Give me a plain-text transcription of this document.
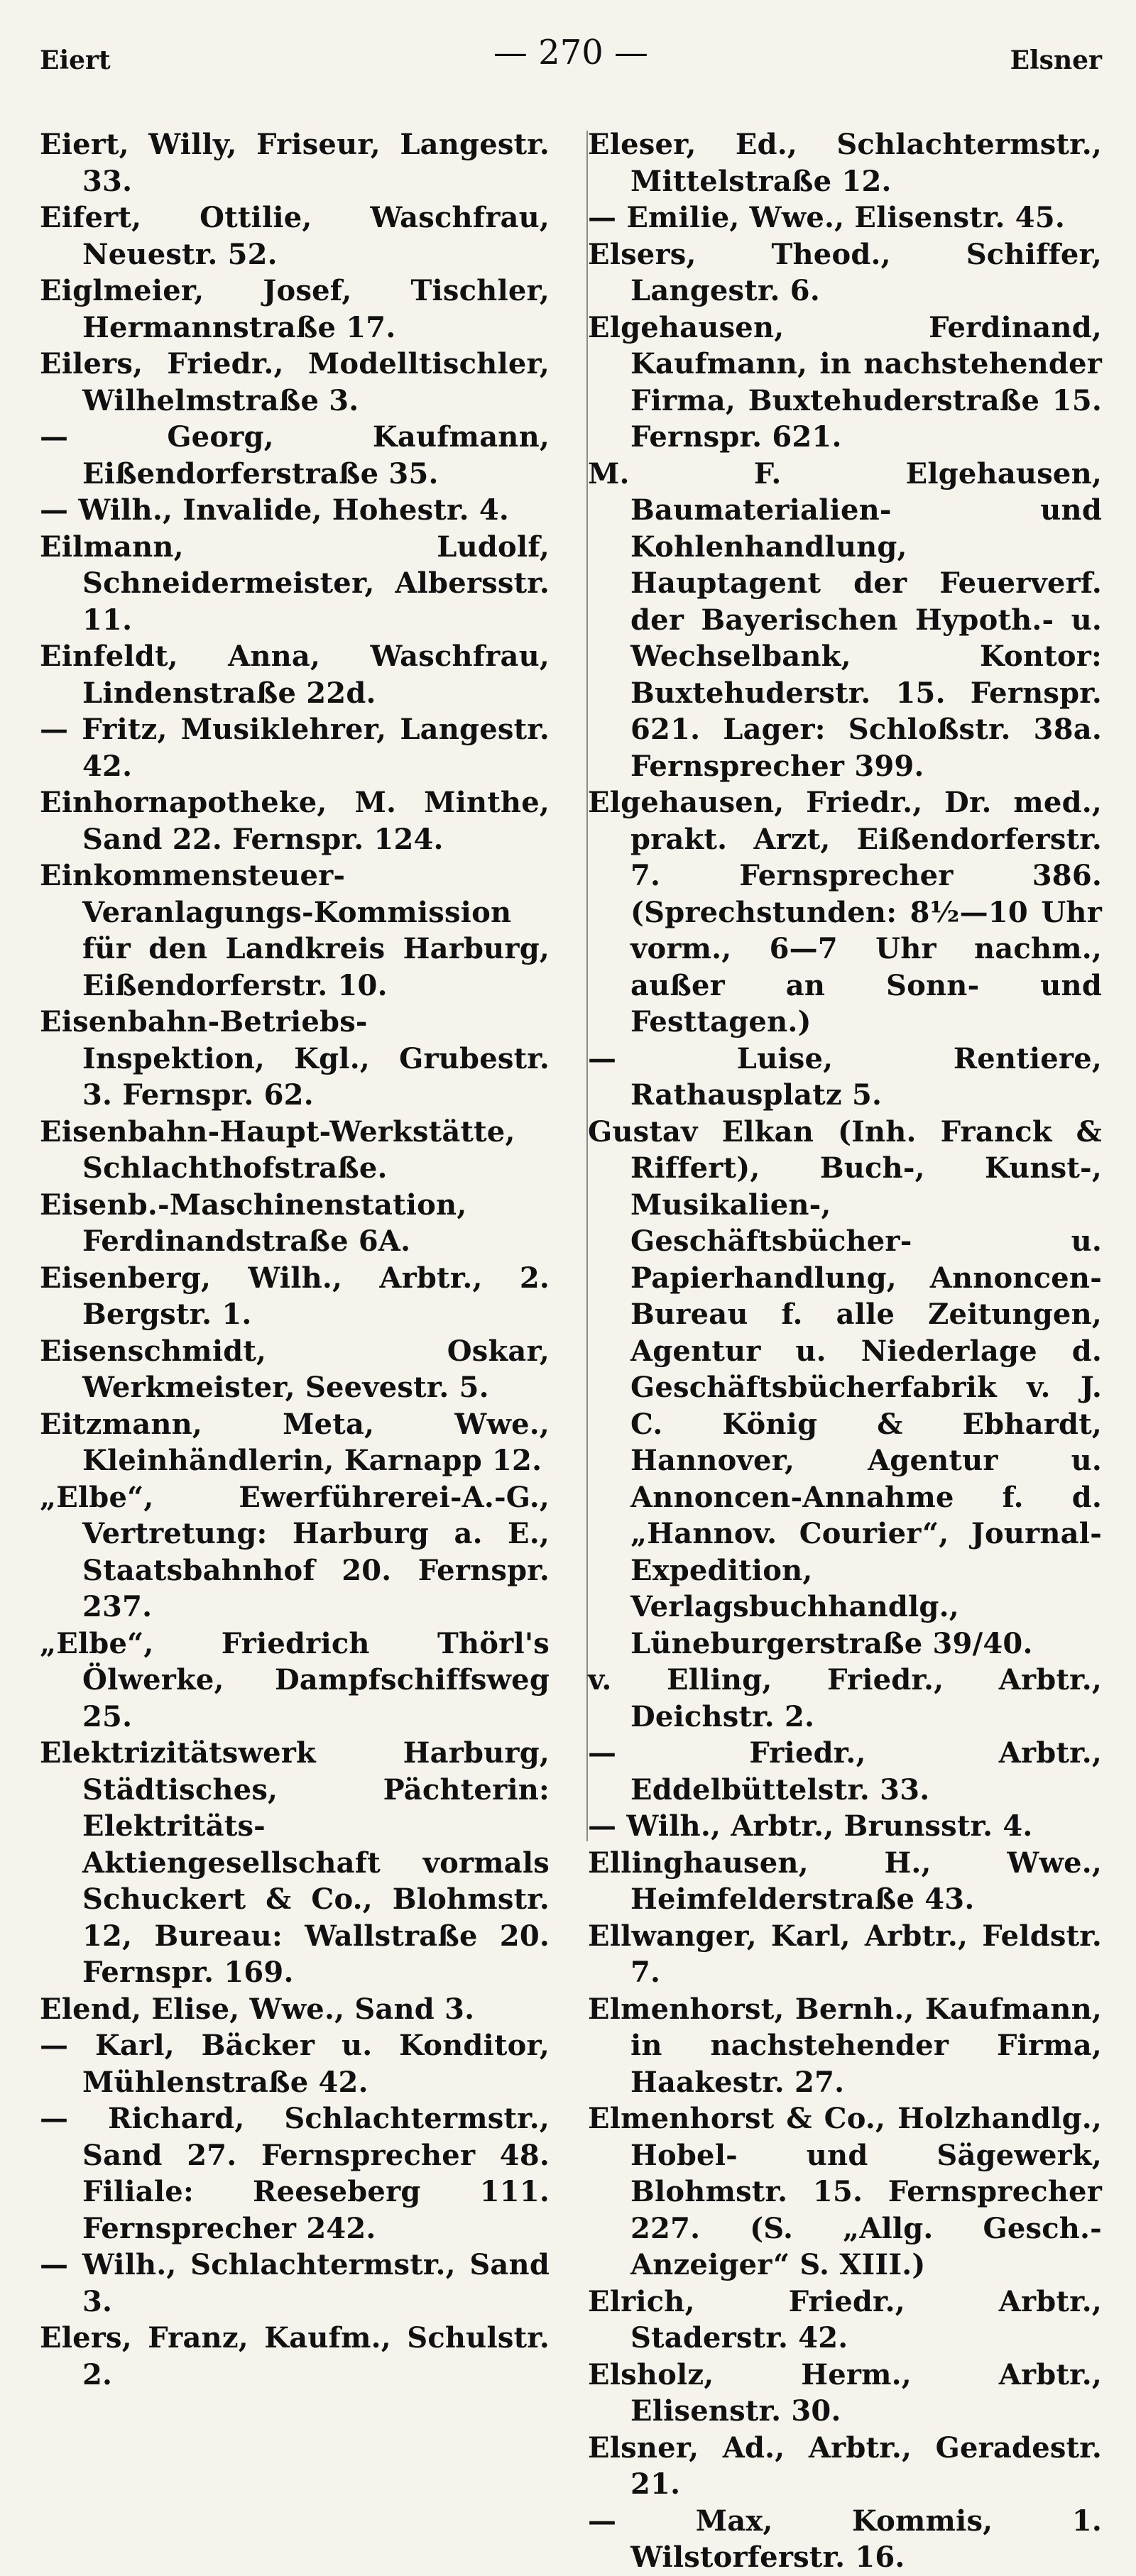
Eiert	— 270 —	Elsner

Eiert, Willy, Friseur, Langestr. 33.

Eifert, Ottilie, Waschfrau, Neuestr. 52.

Eiglmeier, Josef, Tischler, Hermannstraße 17.

Eilers, Friedr., Modelltischler, Wilhelmstraße 3.

— Georg, Kaufmann, Eißendorferstraße 35.

— Wilh., Invalide, Hohestr. 4.

Eilmann, Ludolf, Schneidermeister, Albersstr. 11.

Einfeldt, Anna, Waschfrau, Lindenstraße 22d.

— Fritz, Musiklehrer, Langestr. 42.

Einhornapotheke, M. Minthe, Sand 22. Fernspr. 124.

Einkommensteuer-Veranlagungs-Kommission für den Landkreis Harburg, Eißendorferstr. 10.

Eisenbahn-Betriebs-Inspektion, Kgl., Grubestr. 3. Fernspr. 62.

Eisenbahn-Haupt-Werkstätte, Schlachthofstraße.

Eisenb.-Maschinenstation, Ferdinandstraße 6A.

Eisenberg, Wilh., Arbtr., 2. Bergstr. 1.

Eisenschmidt, Oskar, Werkmeister, Seevestr. 5.

Eitzmann, Meta, Wwe., Kleinhändlerin, Karnapp 12.

„Elbe“, Ewerführerei-A.-G., Vertretung: Harburg a. E., Staatsbahnhof 20. Fernspr. 237.

„Elbe“, Friedrich Thörl's Ölwerke, Dampfschiffsweg 25.

Elektrizitätswerk Harburg, Städtisches, Pächterin: Elektritäts-Aktiengesellschaft vormals Schuckert & Co., Blohmstr. 12, Bureau: Wallstraße 20. Fernspr. 169.

Elend, Elise, Wwe., Sand 3.

— Karl, Bäcker u. Konditor, Mühlenstraße 42.

— Richard, Schlachtermstr., Sand 27. Fernsprecher 48. Filiale: Reeseberg 111. Fernsprecher 242.

— Wilh., Schlachtermstr., Sand 3.

Elers, Franz, Kaufm., Schulstr. 2.

Eleser, Ed., Schlachtermstr., Mittelstraße 12.

— Emilie, Wwe., Elisenstr. 45.

Elsers, Theod., Schiffer, Langestr. 6.

Elgehausen, Ferdinand, Kaufmann, in nachstehender Firma, Buxtehuderstraße 15. Fernspr. 621.

M. F. Elgehausen, Baumaterialien- und Kohlenhandlung, Hauptagent der Feuerverf. der Bayerischen Hypoth.- u. Wechselbank, Kontor: Buxtehuderstr. 15. Fernspr. 621. Lager: Schloßstr. 38a. Fernsprecher 399.

Elgehausen, Friedr., Dr. med., prakt. Arzt, Eißendorferstr. 7. Fernsprecher 386. (Sprechstunden: 8½—10 Uhr vorm., 6—7 Uhr nachm., außer an Sonn- und Festtagen.)

— Luise, Rentiere, Rathausplatz 5.

Gustav Elkan (Inh. Franck & Riffert), Buch-, Kunst-, Musikalien-, Geschäftsbücher- u. Papierhandlung, Annoncen-Bureau f. alle Zeitungen, Agentur u. Niederlage d. Geschäftsbücherfabrik v. J. C. König & Ebhardt, Hannover, Agentur u. Annoncen-Annahme f. d. „Hannov. Courier“, Journal-Expedition, Verlagsbuchhandlg., Lüneburgerstraße 39/40.

v. Elling, Friedr., Arbtr., Deichstr. 2.

— Friedr., Arbtr., Eddelbüttelstr. 33.

— Wilh., Arbtr., Brunsstr. 4.

Ellinghausen, H., Wwe., Heimfelderstraße 43.

Ellwanger, Karl, Arbtr., Feldstr. 7.

Elmenhorst, Bernh., Kaufmann, in nachstehender Firma, Haakestr. 27.

Elmenhorst & Co., Holzhandlg., Hobel- und Sägewerk, Blohmstr. 15. Fernsprecher 227. (S. „Allg. Gesch.-Anzeiger“ S. XIII.)

Elrich, Friedr., Arbtr., Staderstr. 42.

Elsholz, Herm., Arbtr., Elisenstr. 30.

Elsner, Ad., Arbtr., Geradestr. 21.

— Max, Kommis, 1. Wilstorferstr. 16.
